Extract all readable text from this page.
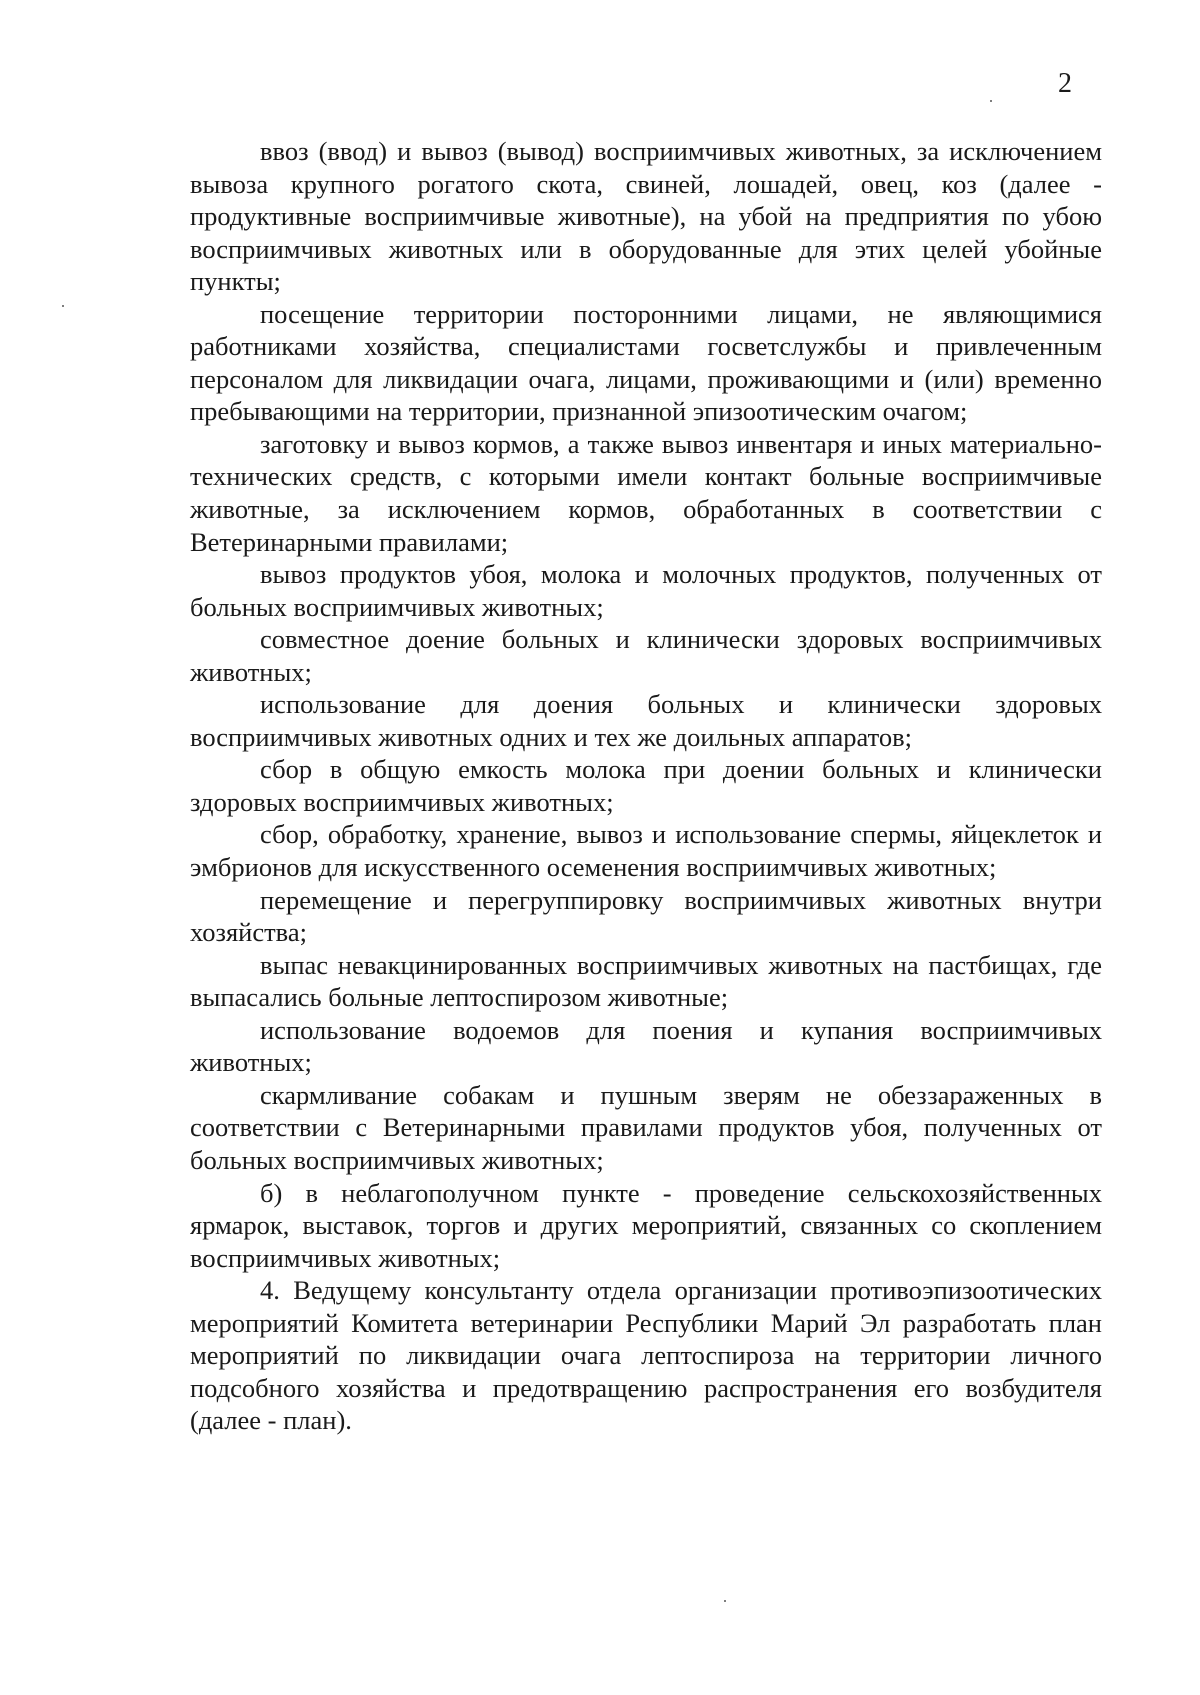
2

ввоз (ввод) и вывоз (вывод) восприимчивых животных, за исключением вывоза крупного рогатого скота, свиней, лошадей, овец, коз (далее - продуктивные восприимчивые животные), на убой на предприятия по убою восприимчивых животных или в оборудованные для этих целей убойные пункты;

посещение территории посторонними лицами, не являющимися работниками хозяйства, специалистами госветслужбы и привлеченным персоналом для ликвидации очага, лицами, проживающими и (или) временно пребывающими на территории, признанной эпизоотическим очагом;

заготовку и вывоз кормов, а также вывоз инвентаря и иных материально-технических средств, с которыми имели контакт больные восприимчивые животные, за исключением кормов, обработанных в соответствии с Ветеринарными правилами;

вывоз продуктов убоя, молока и молочных продуктов, полученных от больных восприимчивых животных;

совместное доение больных и клинически здоровых восприимчивых животных;

использование для доения больных и клинически здоровых восприимчивых животных одних и тех же доильных аппаратов;

сбор в общую емкость молока при доении больных и клинически здоровых восприимчивых животных;

сбор, обработку, хранение, вывоз и использование спермы, яйцеклеток и эмбрионов для искусственного осеменения восприимчивых животных;

перемещение и перегруппировку восприимчивых животных внутри хозяйства;

выпас невакцинированных восприимчивых животных на пастбищах, где выпасались больные лептоспирозом животные;

использование водоемов для поения и купания восприимчивых животных;

скармливание собакам и пушным зверям не обеззараженных в соответствии с Ветеринарными правилами продуктов убоя, полученных от больных восприимчивых животных;

б) в неблагополучном пункте - проведение сельскохозяйственных ярмарок, выставок, торгов и других мероприятий, связанных со скоплением восприимчивых животных;

4. Ведущему консультанту отдела организации противоэпизоотических мероприятий Комитета ветеринарии Республики Марий Эл разработать план мероприятий по ликвидации очага лептоспироза на территории личного подсобного хозяйства и предотвращению распространения его возбудителя (далее - план).
